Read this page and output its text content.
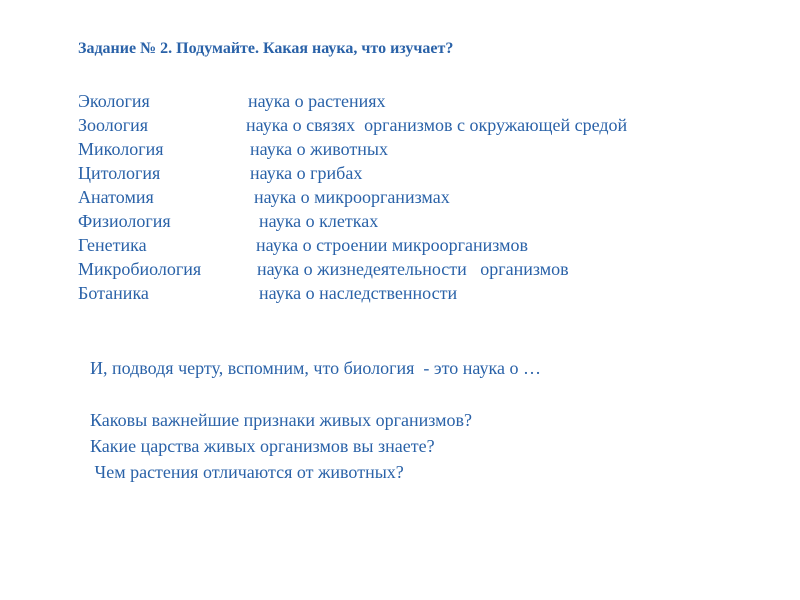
Задание № 2. Подумайте. Какая наука, что изучает?
Экология	наука о растениях
Зоология	наука о связях  организмов с окружающей средой
Микология	наука о животных
Цитология	наука о грибах
Анатомия	наука о микроорганизмах
Физиология	наука о клетках
Генетика	наука о строении микроорганизмов
Микробиология	наука о жизнедеятельности   организмов
Ботаника	наука о наследственности
И, подводя черту, вспомним, что биология  - это наука о …
Каковы важнейшие признаки живых организмов?
Какие царства живых организмов вы знаете?
Чем растения отличаются от животных?
